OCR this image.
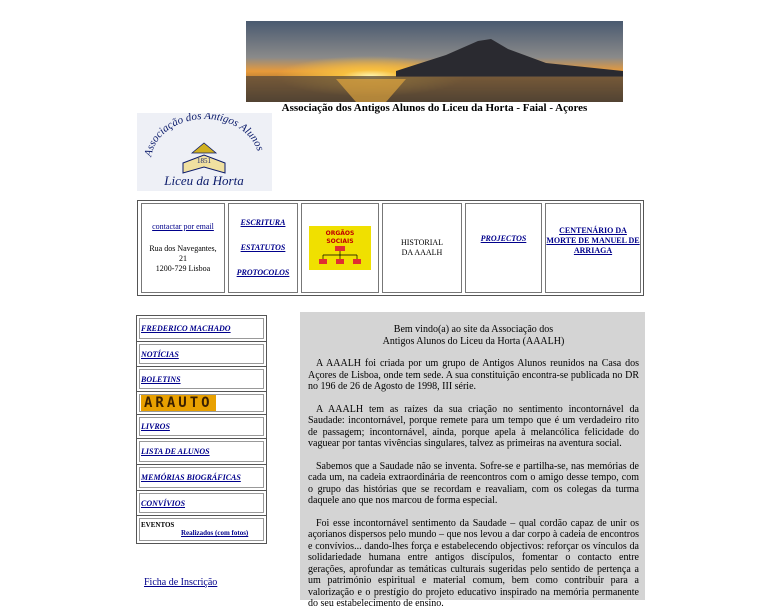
Associação dos Antigos Alunos do Liceu da Horta - Faial - Açores
Associação dos Antigos Alunos
1851
Liceu da Horta
contactar por email
Rua dos Navegantes,
21
1200-729 Lisboa
ESCRITURA
ESTATUTOS
PROTOCOLOS
ORGÃOS
SOCIAIS	HISTORIAL DA AAALH
PROJECTOS
CENTENÁRIO DA MORTE DE MANUEL DE ARRIAGA
FREDERICO MACHADO
NOTÍCIAS
BOLETINS
ARAUTO
LIVROS
LISTA DE ALUNOS
MEMÓRIAS BIOGRÁFICAS
CONVÍVIOS
EVENTOS
Realizados (com fotos)
Ficha de Inscrição

Bem vindo(a) ao site da Associação dos

Antigos Alunos do Liceu da Horta (AAALH)

A AAALH foi criada por um grupo de Antigos Alunos reunidos na Casa dos Açores de Lisboa, onde tem sede. A sua constituição encontra-se publicada no DR no 196 de 26 de Agosto de 1998, III série.

A AAALH tem as raízes da sua criação no sentimento incontornável da Saudade: incontornável, porque remete para um tempo que é um verdadeiro rito de passagem; incontornável, ainda, porque apela à melancólica felicidade do vaguear por tantas vivências singulares, talvez as primeiras na aventura social.

Sabemos que a Saudade não se inventa. Sofre-se e partilha-se, nas memórias de cada um, na cadeia extraordinária de reencontros com o amigo desse tempo, com o grupo das histórias que se recordam e reavaliam, com os colegas da turma daquele ano que nos marcou de forma especial.

Foi esse incontornável sentimento da Saudade – qual cordão capaz de unir os açorianos dispersos pelo mundo – que nos levou a dar corpo à cadeia de encontros e convívios... dando-lhes força e estabelecendo objectivos: reforçar os vínculos da solidariedade humana entre antigos discípulos, fomentar o contacto entre gerações, aprofundar as temáticas culturais sugeridas pelo sentido de pertença a um património espiritual e material comum, bem como contribuir para a valorização e o prestígio do projeto educativo inspirado na memória permanente do seu estabelecimento de ensino.
